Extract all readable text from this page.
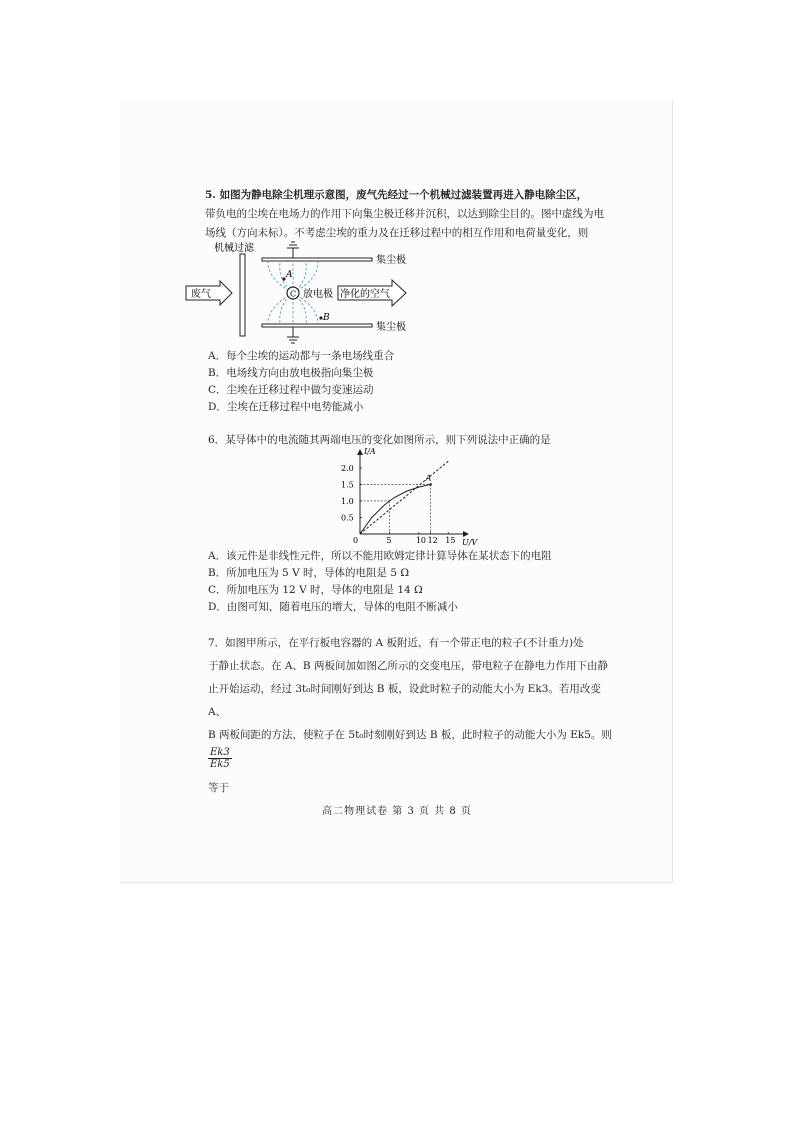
5. 如图为静电除尘机理示意图，废气先经过一个机械过滤装置再进入静电除尘区，
带负电的尘埃在电场力的作用下向集尘极迁移并沉积，以达到除尘目的。图中虚线为电
场线（方向未标）。不考虑尘埃的重力及在迁移过程中的相互作用和电荷量变化，则
机械过滤
集尘极
集尘极
C 放电极
A
B
废气	净化的空气
A．每个尘埃的运动都与一条电场线重合
B．电场线方向由放电极指向集尘极
C．尘埃在迁移过程中做匀变速运动
D．尘埃在迁移过程中电势能减小
6．某导体中的电流随其两端电压的变化如图所示，则下列说法中正确的是
U/V
I/A
0	5	10 12 15
0.5
1.0
1.5
2.0
A
A．该元件是非线性元件，所以不能用欧姆定律计算导体在某状态下的电阻
B．所加电压为 5 V 时，导体的电阻是 5 Ω
C．所加电压为 12 V 时，导体的电阻是 14 Ω
D．由图可知，随着电压的增大，导体的电阻不断减小
7．如图甲所示，在平行板电容器的 A 板附近，有一个带正电的粒子(不计重力)处
于静止状态。在 A、B 两板间加如图乙所示的交变电压，带电粒子在静电力作用下由静
止开始运动，经过 3t₀时间刚好到达 B 板，设此时粒子的动能大小为 Ek3。若用改变 A、
B 两板间距的方法，使粒子在 5t₀时刻刚好到达 B 板，此时粒子的动能大小为 Ek5。则
$\frac{Ek3}{Ek5}$
等于
高二物理试卷 第 3 页 共 8 页
